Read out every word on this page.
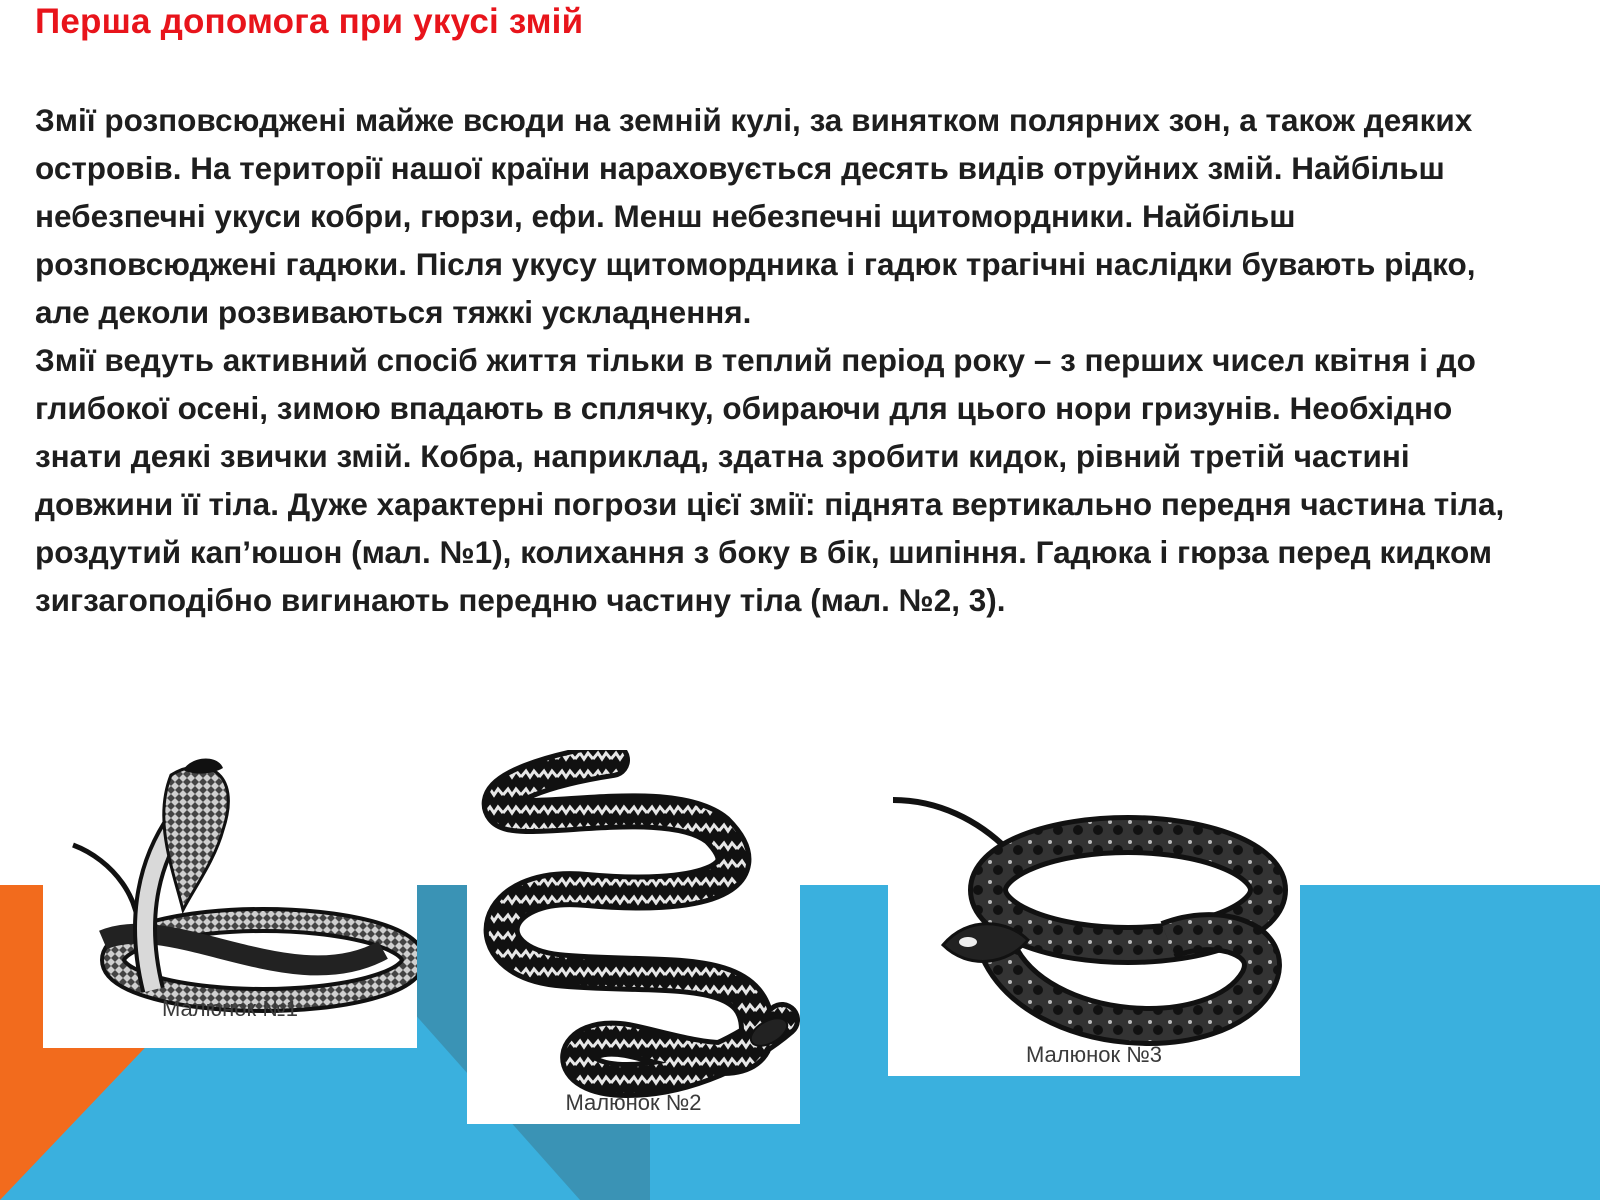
Перша допомога при укусі змій

Змії розповсюджені майже всюди на земній кулі, за винятком полярних зон, а також деяких островів. На території нашої країни нараховується десять видів отруйних змій. Найбільш небезпечні укуси кобри, гюрзи, ефи. Менш небезпечні щитомордники. Найбільш розповсюджені гадюки. Після укусу щитомордника і гадюк трагічні наслідки бувають рідко, але деколи розвиваються тяжкі ускладнення.

Змії ведуть активний спосіб життя тільки в теплий період року – з перших чисел квітня і до глибокої осені, зимою впадають в сплячку, обираючи для цього нори гризунів. Необхідно знати деякі звички змій. Кобра, наприклад, здатна зробити кидок, рівний третій частині довжини її тіла. Дуже характерні погрози цієї змії: піднята вертикально передня частина тіла, роздутий кап’юшон (мал. №1), колихання з боку в бік, шипіння. Гадюка і гюрза перед кидком зигзагоподібно вигинають передню частину тіла (мал. №2, 3).

Малюнок №1
Малюнок №2
Малюнок №3
